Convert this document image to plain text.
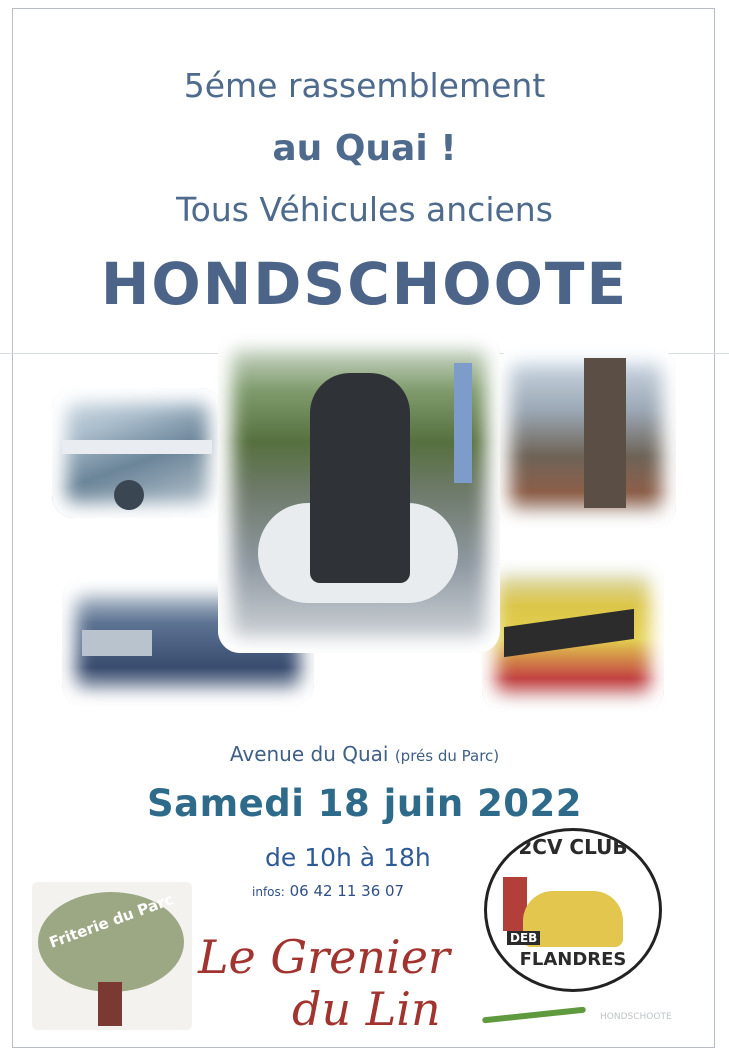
5éme rassemblement
au Quai !
Tous Véhicules anciens
HONDSCHOOTE
Avenue du Quai (prés du Parc)
Samedi 18 juin 2022
de 10h à 18h
infos: 06 42 11 36 07
Friterie du Parc
Le Grenier
du Lin
2CV CLUB
DEB
FLANDRES
HONDSCHOOTE
